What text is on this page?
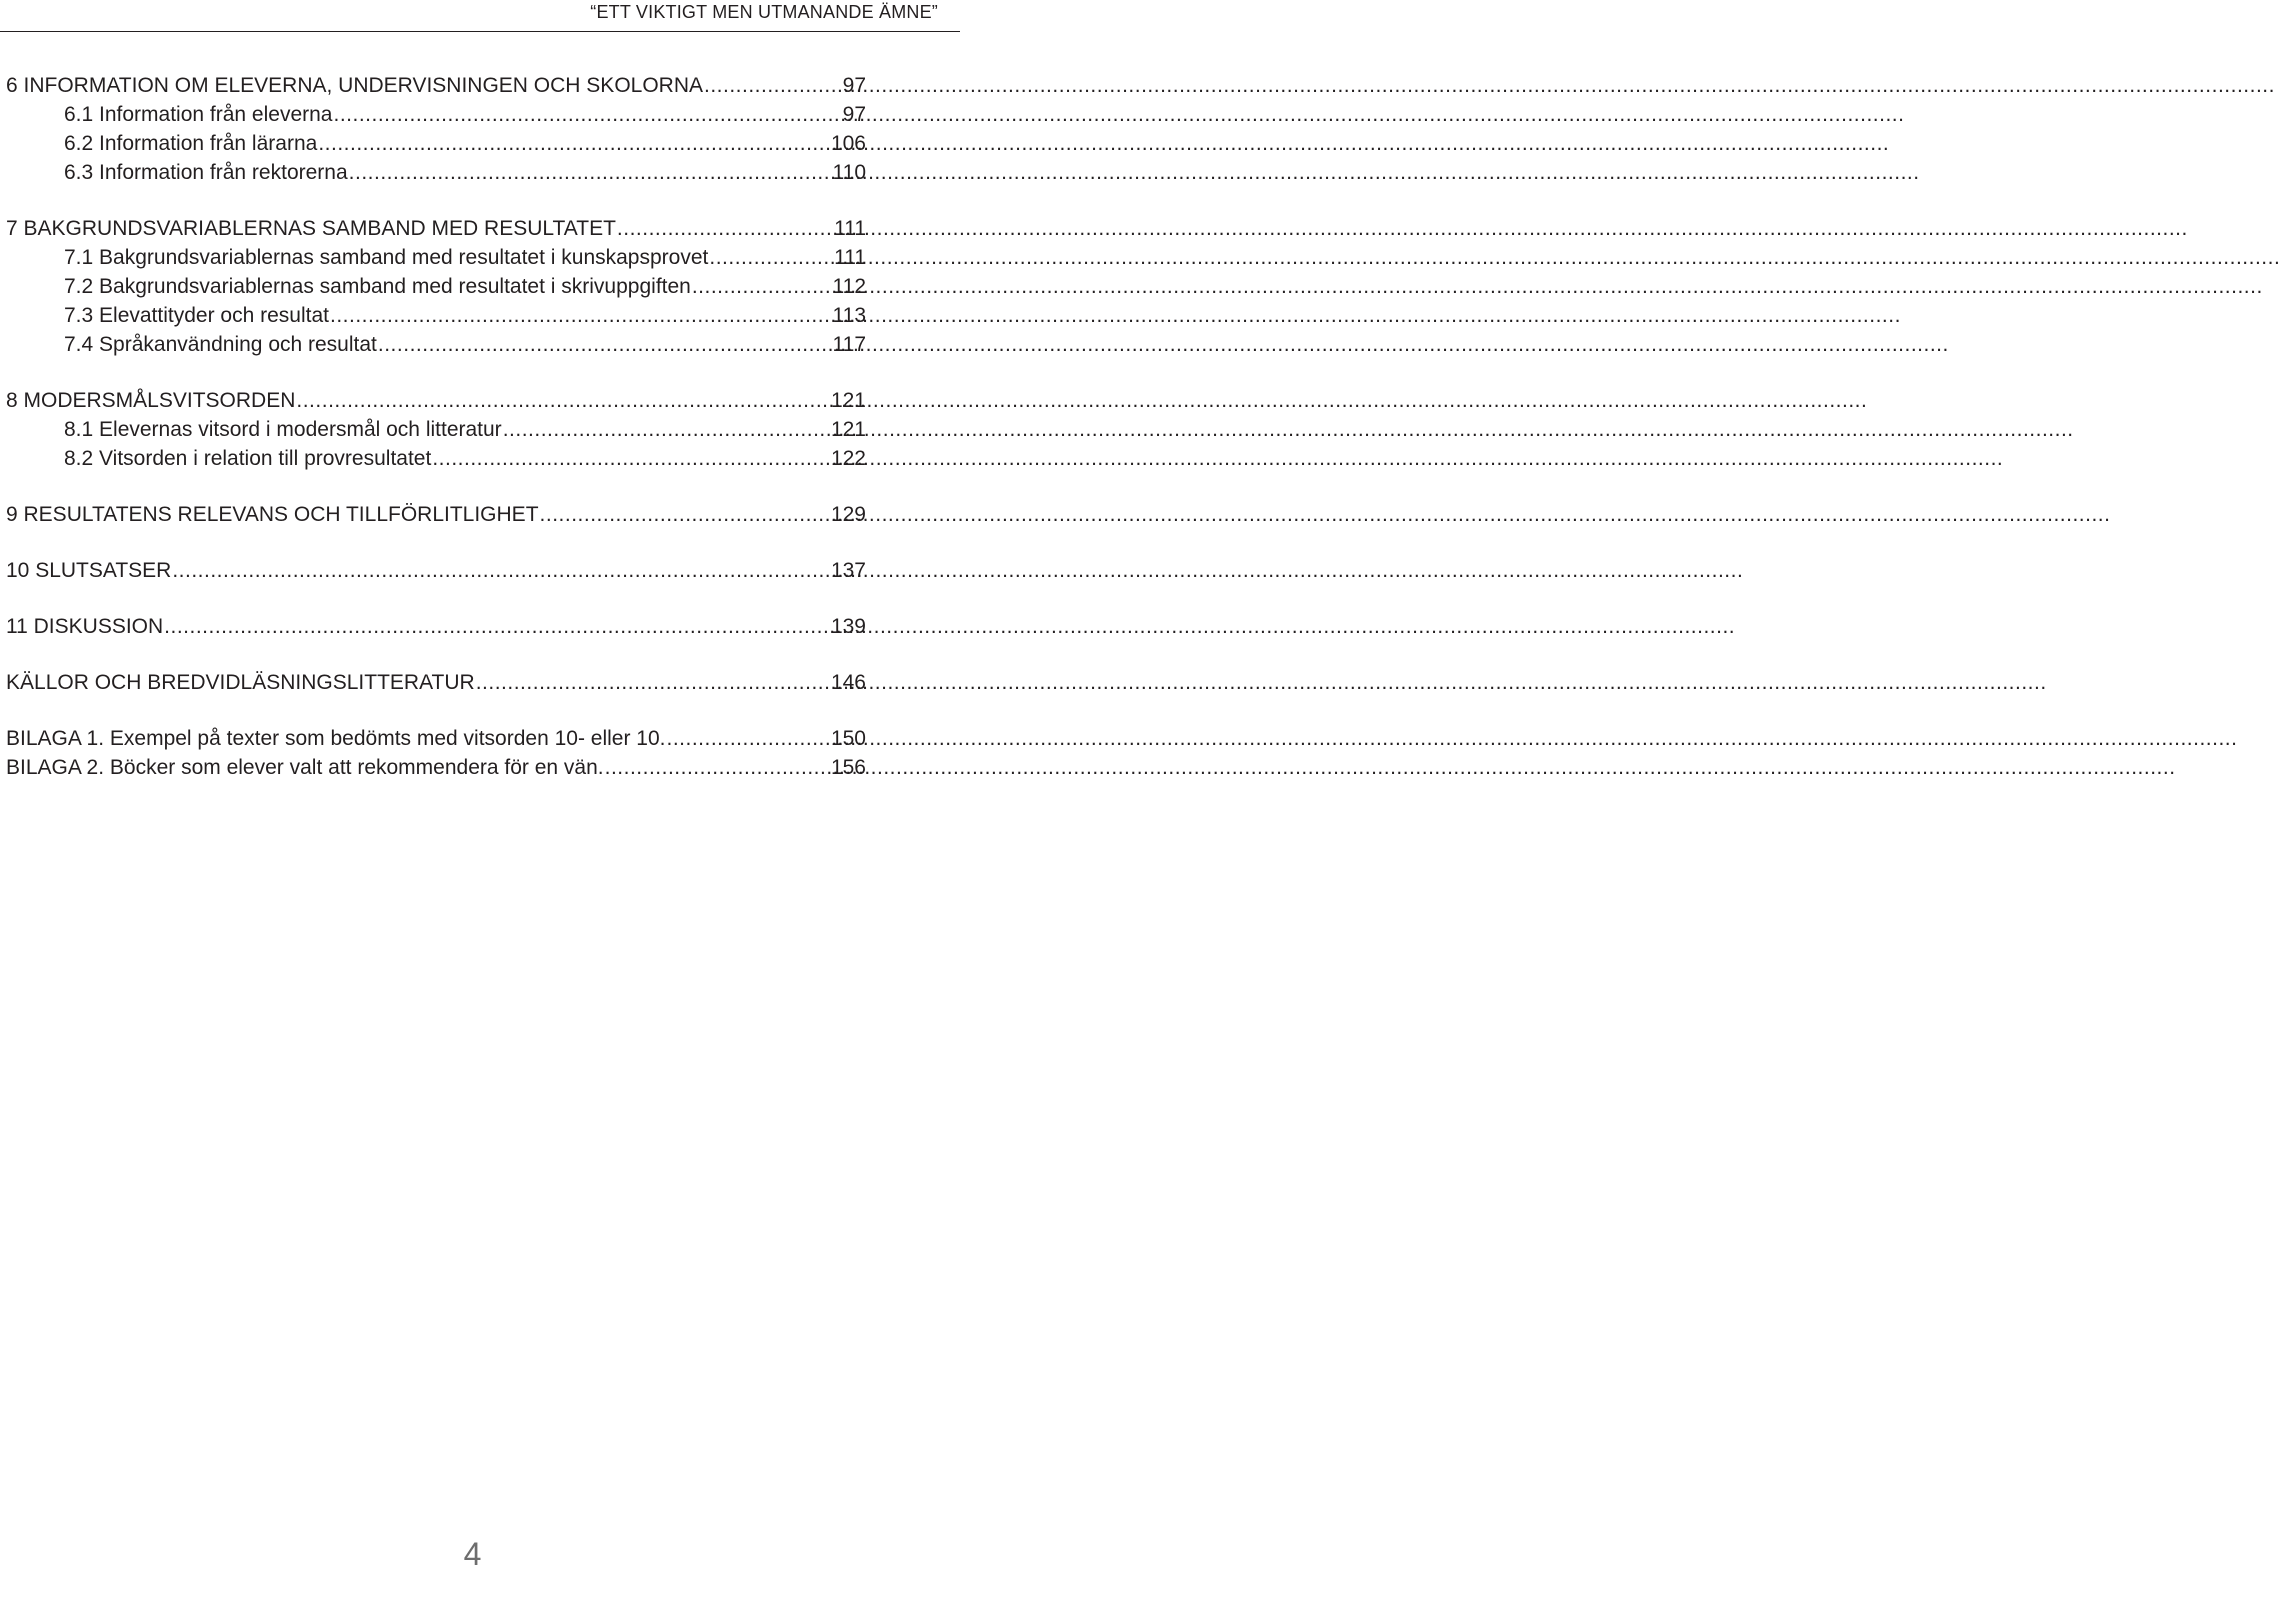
“ETT VIKTIGT MEN UTMANANDE ÄMNE”
6 INFORMATION OM ELEVERNA, UNDERVISNINGEN OCH SKOLORNA .....	97
6.1 Information från eleverna .....	97
6.2 Information från lärarna .....	106
6.3 Information från rektorerna .....	110
7 BAKGRUNDSVARIABLERNAS SAMBAND MED RESULTATET .....	111
7.1 Bakgrundsvariablernas samband med resultatet i kunskapsprovet .....	111
7.2 Bakgrundsvariablernas samband med resultatet i skrivuppgiften .....	112
7.3 Elevattityder och resultat .....	113
7.4 Språkanvändning och resultat .....	117
8 MODERSMÅLSVITSORDEN .....	121
8.1 Elevernas vitsord i modersmål och litteratur .....	121
8.2 Vitsorden i relation till provresultatet .....	122
9 RESULTATENS RELEVANS OCH TILLFÖRLITLIGHET .....	129
10 SLUTSATSER .....	137
11 DISKUSSION .....	139
KÄLLOR OCH BREDVIDLÄSNINGSLITTERATUR .....	146
BILAGA 1. Exempel på texter som bedömts med vitsorden 10- eller 10. .....	150
BILAGA 2. Böcker som elever valt att rekommendera för en vän. .....	156
4
